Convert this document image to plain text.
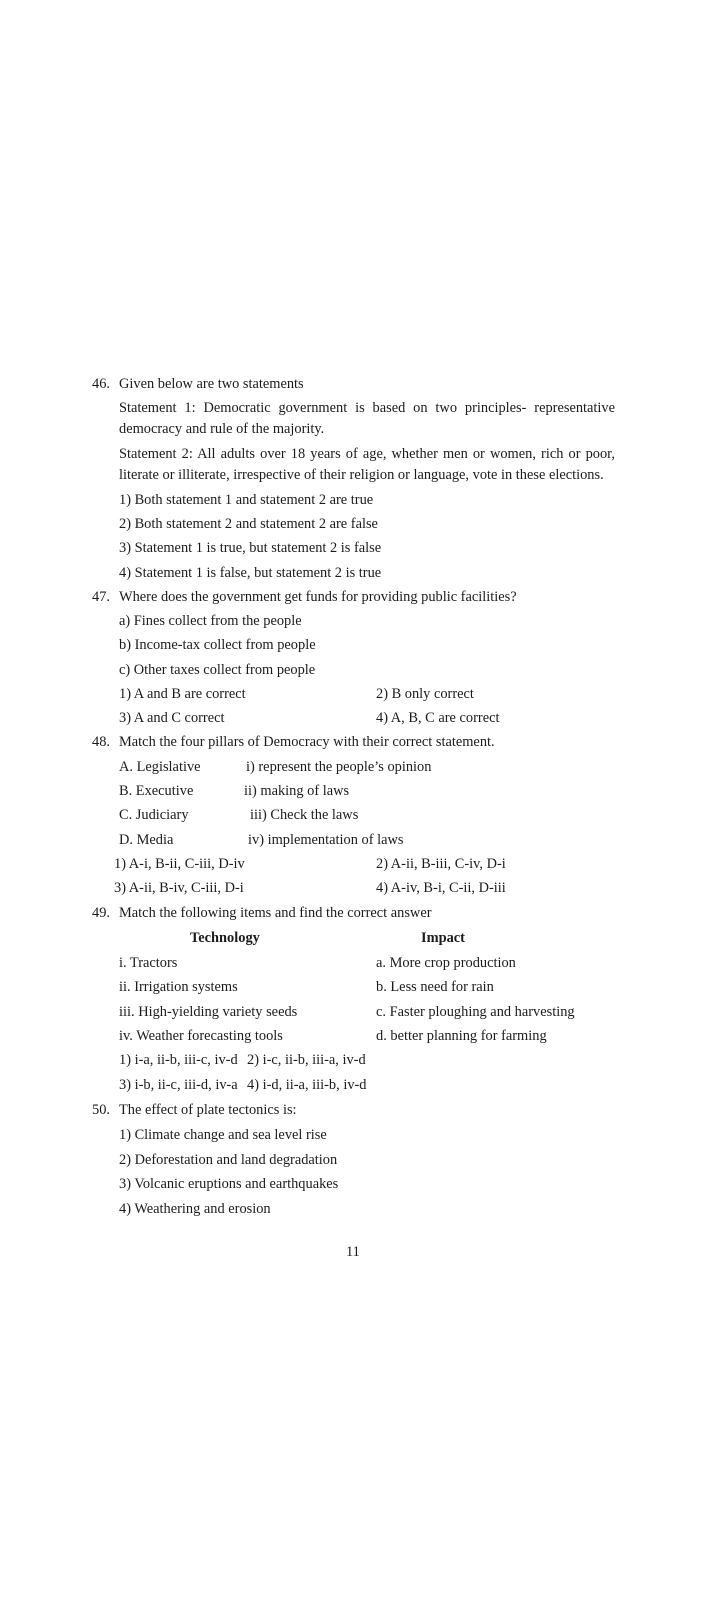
46. Given below are two statements
Statement 1: Democratic government is based on two principles- representative democracy and rule of the majority.
Statement 2: All adults over 18 years of age, whether men or women, rich or poor, literate or illiterate, irrespective of their religion or language, vote in these elections.
1) Both statement 1 and statement 2 are true
2) Both statement 2 and statement 2 are false
3) Statement 1 is true, but statement 2 is false
4) Statement 1 is false, but statement 2 is true
47. Where does the government get funds for providing public facilities?
a) Fines collect from the people
b) Income-tax collect from people
c) Other taxes collect from people
1) A and B are correct	2) B only correct
3) A and C correct	4) A, B, C are correct
48. Match the four pillars of Democracy with their correct statement.
A. Legislative	i) represent the people’s opinion
B. Executive	ii) making of laws
C. Judiciary	iii) Check the laws
D. Media	iv) implementation of laws
1) A-i, B-ii, C-iii, D-iv	2) A-ii, B-iii, C-iv, D-i
3) A-ii, B-iv, C-iii, D-i	4) A-iv, B-i, C-ii, D-iii
49. Match the following items and find the correct answer
Technology	Impact
i. Tractors	a. More crop production
ii. Irrigation systems	b. Less need for rain
iii. High-yielding variety seeds	c. Faster ploughing and harvesting
iv. Weather forecasting tools	d. better planning for farming
1) i-a, ii-b, iii-c, iv-d 2) i-c, ii-b, iii-a, iv-d
3) i-b, ii-c, iii-d, iv-a 4) i-d, ii-a, iii-b, iv-d
50. The effect of plate tectonics is:
1) Climate change and sea level rise
2) Deforestation and land degradation
3) Volcanic eruptions and earthquakes
4) Weathering and erosion
11
